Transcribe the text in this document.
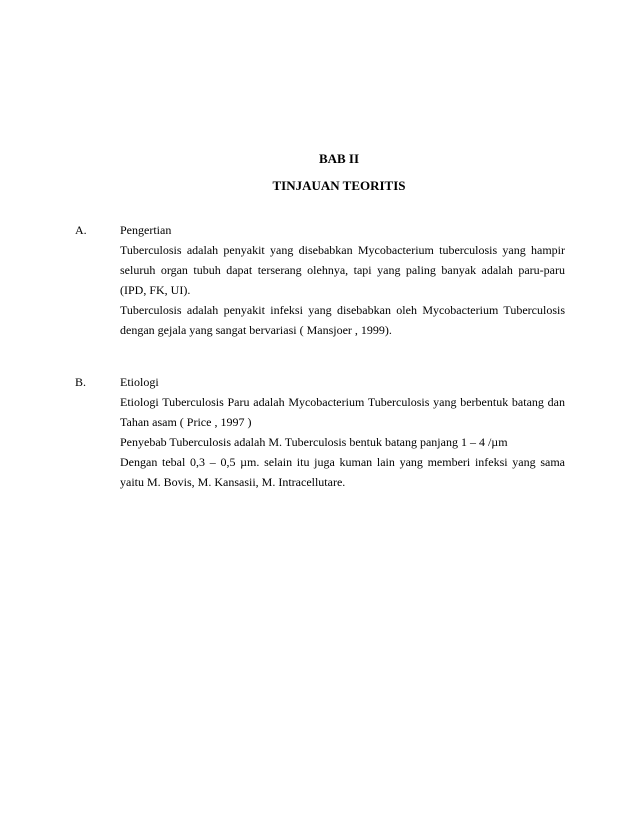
BAB II
TINJAUAN TEORITIS
A.	Pengertian

Tuberculosis adalah penyakit yang disebabkan Mycobacterium tuberculosis yang hampir seluruh organ tubuh dapat terserang olehnya, tapi yang paling banyak adalah paru-paru (IPD, FK, UI).

Tuberculosis adalah penyakit infeksi yang disebabkan oleh Mycobacterium Tuberculosis dengan gejala yang sangat bervariasi ( Mansjoer , 1999).

B.	Etiologi

Etiologi Tuberculosis Paru adalah Mycobacterium Tuberculosis yang berbentuk batang dan Tahan asam ( Price , 1997 )

Penyebab Tuberculosis adalah M. Tuberculosis bentuk batang panjang 1 – 4 /µm

Dengan tebal 0,3 – 0,5 µm. selain itu juga kuman lain yang memberi infeksi yang sama yaitu M. Bovis, M. Kansasii, M. Intracellutare.
